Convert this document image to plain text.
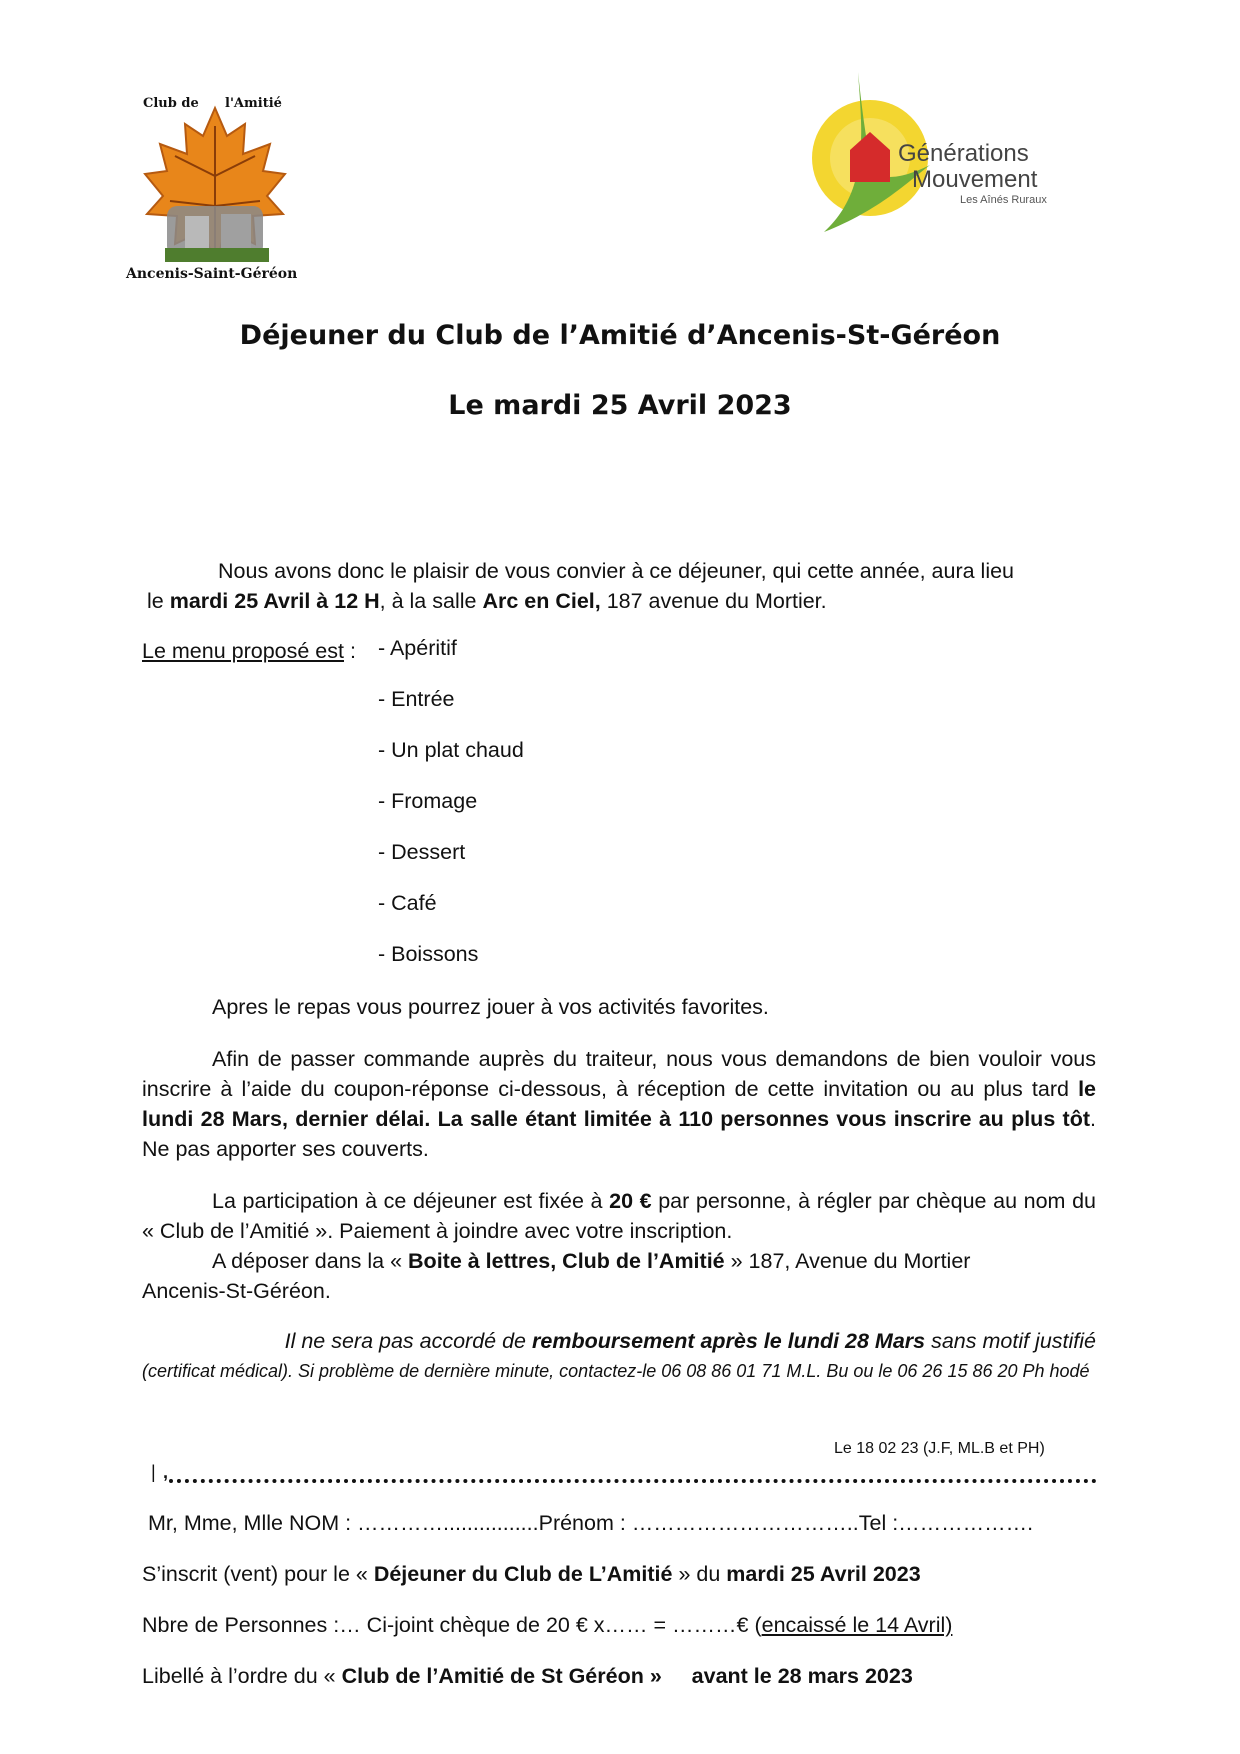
Club de l'Amitié
Ancenis-Saint-Géréon
Générations
Mouvement
Les Aînés Ruraux
Déjeuner du Club de l’Amitié d’Ancenis-St-Géréon
Le mardi 25 Avril 2023
Nous avons donc le plaisir de vous convier à ce déjeuner, qui cette année, aura lieu
le mardi 25 Avril à 12 H, à la salle Arc en Ciel, 187 avenue du Mortier.
Le menu proposé est : - Apéritif
- Entrée
- Un plat chaud
- Fromage
- Dessert
- Café
- Boissons
Apres le repas vous pourrez jouer à vos activités favorites.
Afin de passer commande auprès du traiteur, nous vous demandons de bien vouloir vous inscrire à l’aide du coupon-réponse ci-dessous, à réception de cette invitation ou au plus tard le lundi 28 Mars, dernier délai. La salle étant limitée à 110 personnes vous inscrire au plus tôt. Ne pas apporter ses couverts.
La participation à ce déjeuner est fixée à 20 € par personne, à régler par chèque au nom du « Club de l’Amitié ». Paiement à joindre avec votre inscription.
A déposer dans la « Boite à lettres, Club de l’Amitié » 187, Avenue du Mortier Ancenis-St-Géréon.
Il ne sera pas accordé de remboursement après le lundi 28 Mars sans motif justifié
(certificat médical). Si problème de dernière minute, contactez-le 06 08 86 01 71 M.L. Bu ou le 06 26 15 86 20 Ph hodé
Le 18 02 23 (J.F, ML.B et PH)
| ,
Mr, Mme, Mlle NOM : …………................Prénom : …………………………..Tel :……………….
S’inscrit (vent) pour le « Déjeuner du Club de L’Amitié » du mardi 25 Avril 2023
Nbre de Personnes :… Ci-joint chèque de 20 € x…… = ………€ (encaissé le 14 Avril)
Libellé à l’ordre du « Club de l’Amitié de St Géréon »     avant le 28 mars 2023
